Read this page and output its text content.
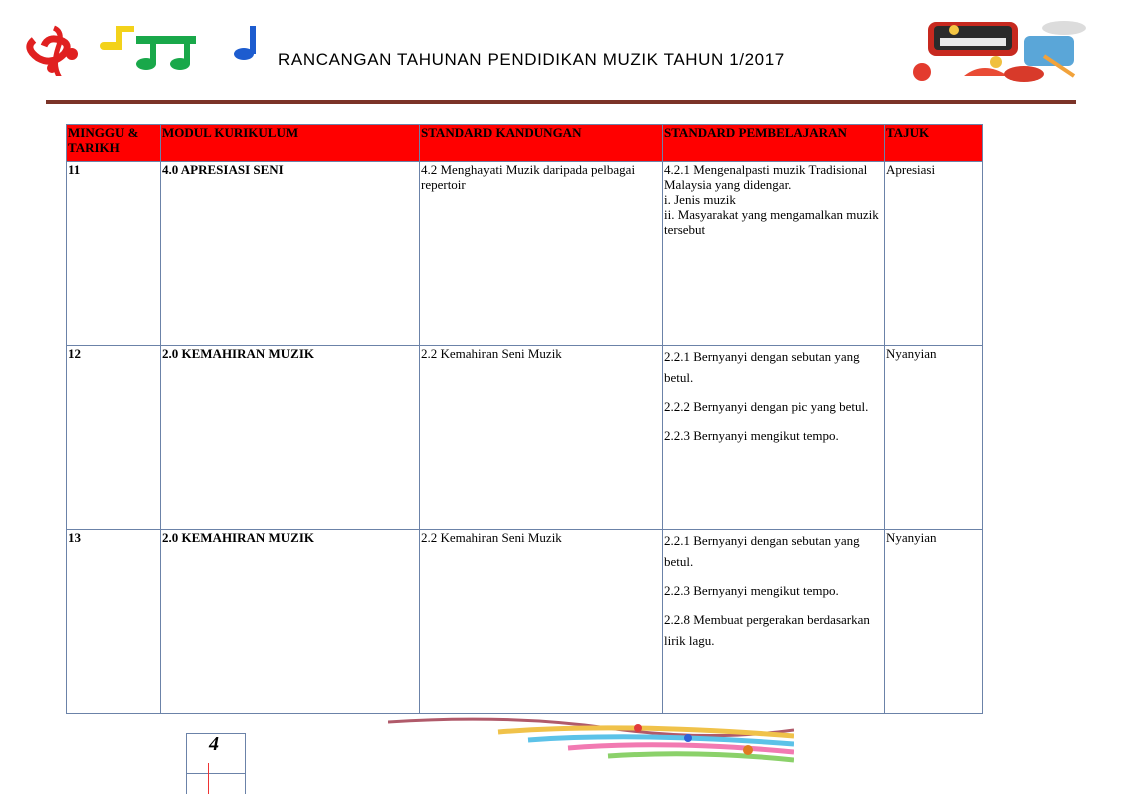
RANCANGAN TAHUNAN PENDIDIKAN MUZIK TAHUN 1/2017
MINGGU & TARIKH	MODUL KURIKULUM	STANDARD KANDUNGAN	STANDARD PEMBELAJARAN	TAJUK
11	4.0 APRESIASI SENI	4.2 Menghayati Muzik daripada pelbagai repertoir	4.2.1 Mengenalpasti muzik Tradisional Malaysia yang didengar.
i. Jenis muzik
ii. Masyarakat yang mengamalkan muzik tersebut	Apresiasi
12	2.0 KEMAHIRAN MUZIK	2.2 Kemahiran Seni Muzik	2.2.1 Bernyanyi dengan sebutan yang betul.
2.2.2 Bernyanyi dengan pic yang betul.
2.2.3 Bernyanyi mengikut tempo.	Nyanyian
13	2.0 KEMAHIRAN MUZIK	2.2 Kemahiran Seni Muzik	2.2.1 Bernyanyi dengan sebutan yang betul.
2.2.3 Bernyanyi mengikut tempo.
2.2.8 Membuat pergerakan berdasarkan lirik lagu.	Nyanyian
4
